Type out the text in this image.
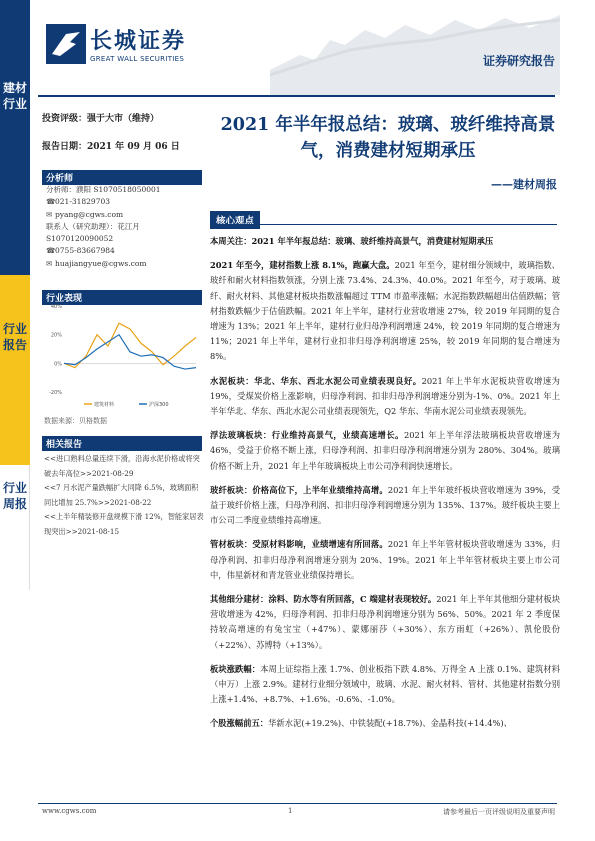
建材行业
行业报告
行业周报
长城证券
GREAT WALL SECURITIES	证券研究报告
投资评级：强于大市（维持）
报告日期：2021 年 09 月 06 日
分析师
分析师：濮阳 S1070518050001
☎021-31829703
✉ pyang@cgws.com
联系人（研究助理）：花江月
S1070120090052
☎0755-83667984
✉ huajiangyue@cgws.com
行业表现
40%
20%
0%
-20%
建筑材料	沪深300
数据来源：贝格数据
相关报告
<<进口熟料总量连续下滑，沿海水泥价格或将突破去年高位>>2021-08-29
<<7 月水泥产量跌幅扩大同降 6.5%，玻璃面积同比增加 25.7%>>2021-08-22
<<上半年精装修开盘规模下滑 12%，智能家居表现突出>>2021-08-15
2021 年半年报总结：玻璃、玻纤维持高景气，消费建材短期承压
——建材周报
核心观点

本周关注：2021 年半年报总结：玻璃、玻纤维持高景气，消费建材短期承压

2021 年至今，建材指数上涨 8.1%，跑赢大盘。2021 年至今，建材细分领域中，玻璃指数、玻纤和耐火材料指数领涨，分别上涨 73.4%、24.3%、40.0%。2021 年至今，对于玻璃、玻纤、耐火材料、其他建材板块指数涨幅超过 TTM 市盈率涨幅；水泥指数跌幅超出估值跌幅；管材指数跌幅少于估值跌幅。2021 年上半年，建材行业营收增速 27%，较 2019 年同期的复合增速为 13%；2021 年上半年，建材行业归母净利润增速 24%，较 2019 年同期的复合增速为 11%；2021 年上半年，建材行业扣非归母净利润增速 25%，较 2019 年同期的复合增速为 8%。

水泥板块：华北、华东、西北水泥公司业绩表现良好。2021 年上半年水泥板块营收增速为 19%，受煤炭价格上涨影响，归母净利润、扣非归母净利润增速分别为-1%、0%。2021 年上半年华北、华东、西北水泥公司业绩表现领先，Q2 华东、华南水泥公司业绩表现领先。

浮法玻璃板块：行业维持高景气，业绩高速增长。2021 年上半年浮法玻璃板块营收增速为 46%，受益于价格不断上涨，归母净利润、扣非归母净利润增速分别为 280%、304%。玻璃价格不断上升，2021 年上半年玻璃板块上市公司净利润快速增长。

玻纤板块：价格高位下，上半年业绩维持高增。2021 年上半年玻纤板块营收增速为 39%，受益于玻纤价格上涨，归母净利润、扣非归母净利润增速分别为 135%、137%。玻纤板块主要上市公司二季度业绩维持高增速。

管材板块：受原材料影响，业绩增速有所回落。2021 年上半年管材板块营收增速为 33%，归母净利润、扣非归母净利润增速分别为 20%、19%。2021 年上半年管材板块主要上市公司中，伟星新材和青龙管业业绩保持增长。

其他细分建材：涂料、防水等有所回落，C 端建材表现较好。2021 年上半年其他细分建材板块营收增速为 42%，归母净利润、扣非归母净利润增速分别为 56%、50%。2021 年 2 季度保持较高增速的有兔宝宝（+47%）、蒙娜丽莎（+30%）、东方雨虹（+26%）、凯伦股份（+22%）、苏博特（+13%）。

板块涨跌幅：本周上证综指上涨 1.7%、创业板指下跌 4.8%、万得全 A 上涨 0.1%、建筑材料（申万）上涨 2.9%。建材行业细分领域中，玻璃、水泥、耐火材料、管材、其他建材指数分别上涨+1.4%、+8.7%、+1.6%、-0.6%、-1.0%。

个股涨幅前五：华新水泥(+19.2%)、中铁装配(+18.7%)、金晶科技(+14.4%)、

www.cgws.com	1	请参考最后一页评级说明及重要声明
